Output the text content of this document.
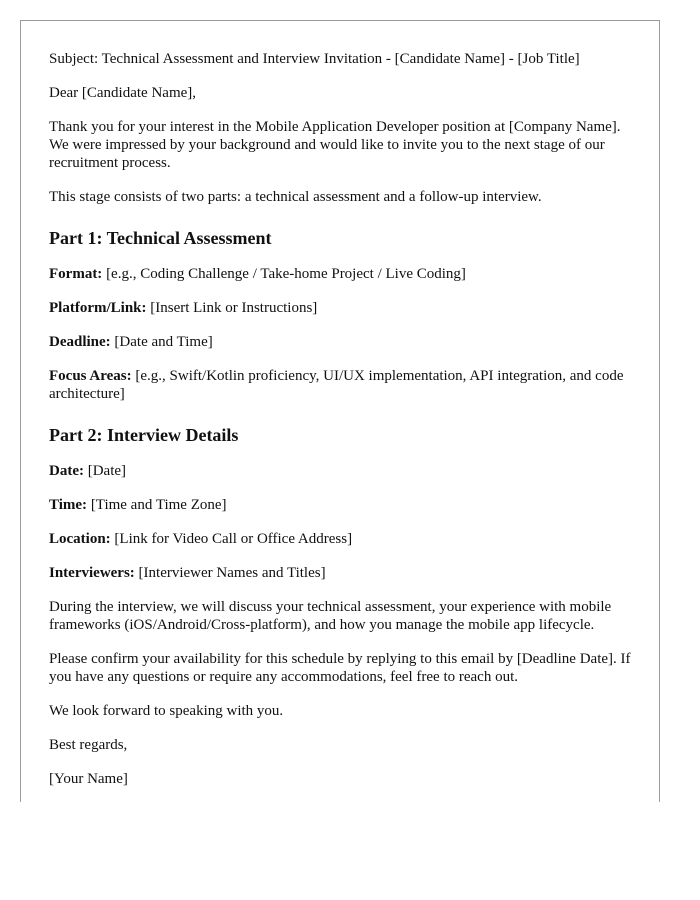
Subject: Technical Assessment and Interview Invitation - [Candidate Name] - [Job Title]

Dear [Candidate Name],

Thank you for your interest in the Mobile Application Developer position at [Company Name]. We were impressed by your background and would like to invite you to the next stage of our recruitment process.

This stage consists of two parts: a technical assessment and a follow-up interview.

Part 1: Technical Assessment

Format: [e.g., Coding Challenge / Take-home Project / Live Coding]

Platform/Link: [Insert Link or Instructions]

Deadline: [Date and Time]

Focus Areas: [e.g., Swift/Kotlin proficiency, UI/UX implementation, API integration, and code architecture]

Part 2: Interview Details

Date: [Date]

Time: [Time and Time Zone]

Location: [Link for Video Call or Office Address]

Interviewers: [Interviewer Names and Titles]

During the interview, we will discuss your technical assessment, your experience with mobile frameworks (iOS/Android/Cross-platform), and how you manage the mobile app lifecycle.

Please confirm your availability for this schedule by replying to this email by [Deadline Date]. If you have any questions or require any accommodations, feel free to reach out.

We look forward to speaking with you.

Best regards,

[Your Name]
